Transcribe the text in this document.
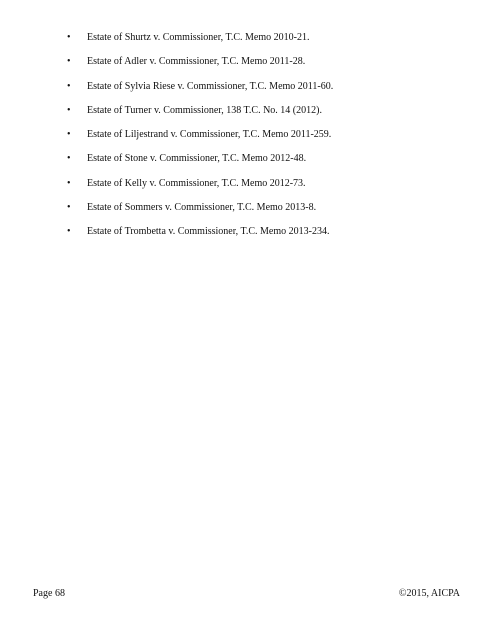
• Estate of Shurtz v. Commissioner, T.C. Memo 2010-21.
• Estate of Adler v. Commissioner, T.C. Memo 2011-28.
• Estate of Sylvia Riese v. Commissioner, T.C. Memo 2011-60.
• Estate of Turner v. Commissioner, 138 T.C. No. 14 (2012).
• Estate of Liljestrand v. Commissioner, T.C. Memo 2011-259.
• Estate of Stone v. Commissioner, T.C. Memo 2012-48.
• Estate of Kelly v. Commissioner, T.C. Memo 2012-73.
• Estate of Sommers v. Commissioner, T.C. Memo 2013-8.
• Estate of Trombetta v. Commissioner, T.C. Memo 2013-234.
Page 68	©2015, AICPA
